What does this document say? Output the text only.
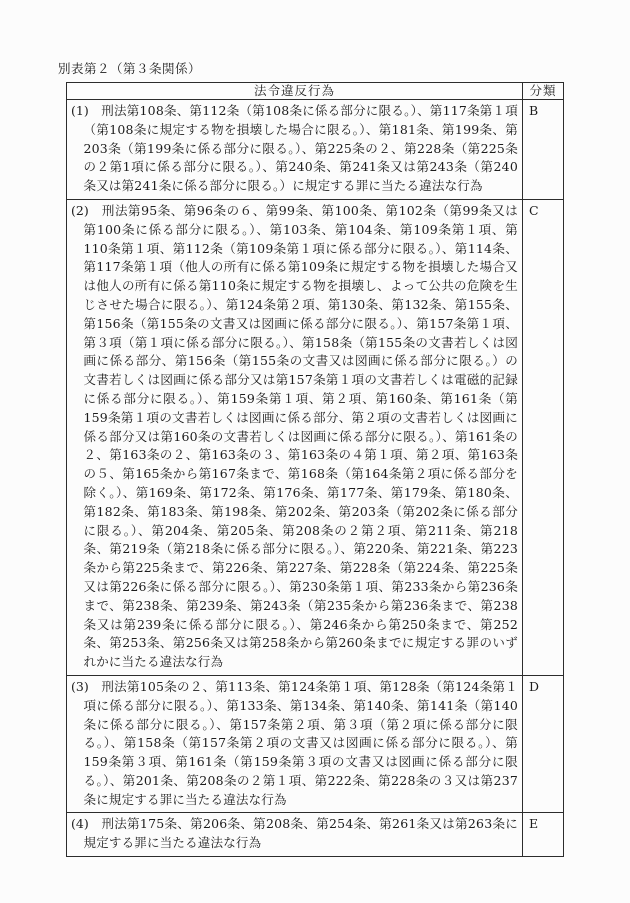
別表第２（第３条関係）
法令違反行為	分類

(1)　刑法第108条、第112条（第108条に係る部分に限る。）、第117条第１項（第108条に規定する物を損壊した場合に限る。）、第181条、第199条、第203条（第199条に係る部分に限る。）、第225条の２、第228条（第225条の２第1項に係る部分に限る。）、第240条、第241条又は第243条（第240条又は第241条に係る部分に限る。）に規定する罪に当たる違法な行為	B

(2)　刑法第95条、第96条の６、第99条、第100条、第102条（第99条又は第100条に係る部分に限る。）、第103条、第104条、第109条第１項、第110条第１項、第112条（第109条第１項に係る部分に限る。）、第114条、第117条第１項（他人の所有に係る第109条に規定する物を損壊した場合又は他人の所有に係る第110条に規定する物を損壊し、よって公共の危険を生じさせた場合に限る。）、第124条第２項、第130条、第132条、第155条、第156条（第155条の文書又は図画に係る部分に限る。）、第157条第１項、第３項（第１項に係る部分に限る。）、第158条（第155条の文書若しくは図画に係る部分、第156条（第155条の文書又は図画に係る部分に限る。）の文書若しくは図画に係る部分又は第157条第１項の文書若しくは電磁的記録に係る部分に限る。）、第159条第１項、第２項、第160条、第161条（第159条第１項の文書若しくは図画に係る部分、第２項の文書若しくは図画に係る部分又は第160条の文書若しくは図画に係る部分に限る。）、第161条の２、第163条の２、第163条の３、第163条の４第１項、第２項、第163条の５、第165条から第167条まで、第168条（第164条第２項に係る部分を除く。）、第169条、第172条、第176条、第177条、第179条、第180条、第182条、第183条、第198条、第202条、第203条（第202条に係る部分に限る。）、第204条、第205条、第208条の２第２項、第211条、第218条、第219条（第218条に係る部分に限る。）、第220条、第221条、第223条から第225条まで、第226条、第227条、第228条（第224条、第225条又は第226条に係る部分に限る。）、第230条第１項、第233条から第236条まで、第238条、第239条、第243条（第235条から第236条まで、第238条又は第239条に係る部分に限る。）、第246条から第250条まで、第252条、第253条、第256条又は第258条から第260条までに規定する罪のいずれかに当たる違法な行為	C

(3)　刑法第105条の２、第113条、第124条第１項、第128条（第124条第１項に係る部分に限る。）、第133条、第134条、第140条、第141条（第140条に係る部分に限る。）、第157条第２項、第３項（第２項に係る部分に限る。）、第158条（第157条第２項の文書又は図画に係る部分に限る。）、第159条第３項、第161条（第159条第３項の文書又は図画に係る部分に限る。）、第201条、第208条の２第１項、第222条、第228条の３又は第237条に規定する罪に当たる違法な行為	D

(4)　刑法第175条、第206条、第208条、第254条、第261条又は第263条に規定する罪に当たる違法な行為	E
